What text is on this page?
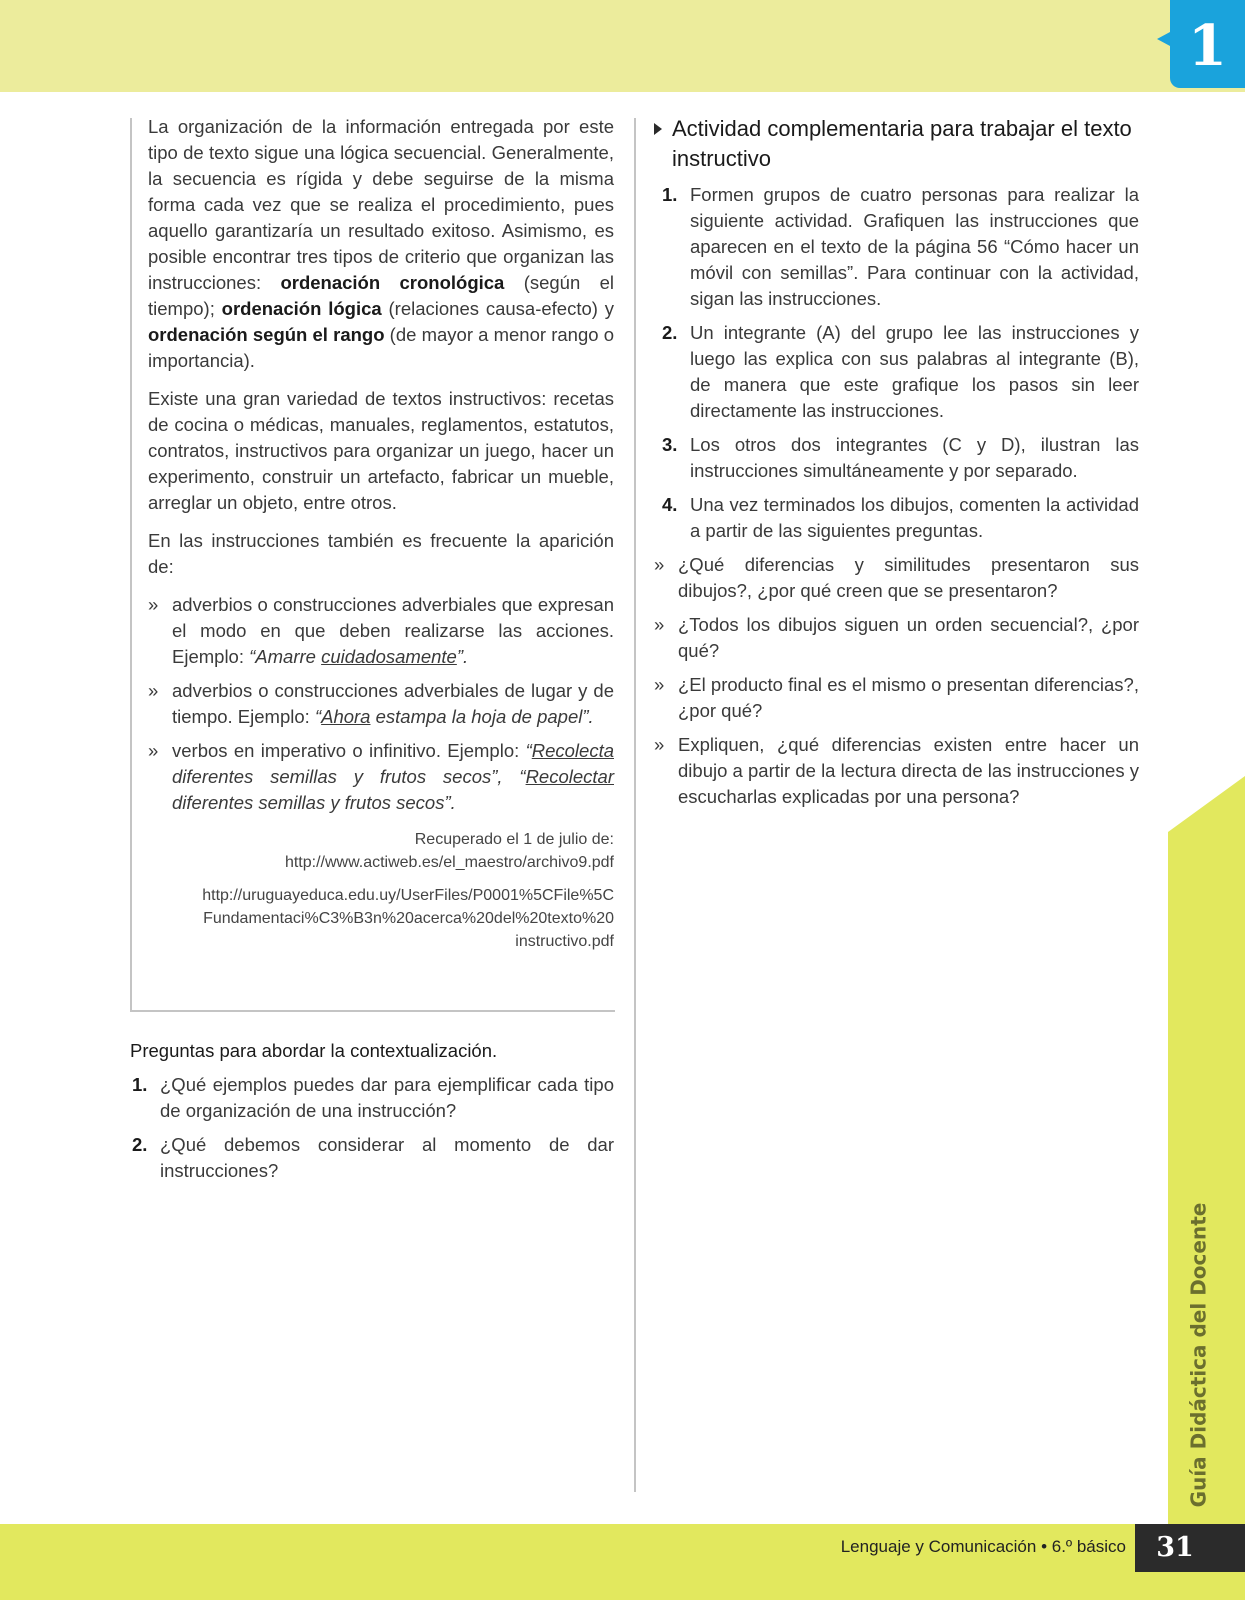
1
Guía Didáctica del Docente

La organización de la información entregada por este tipo de texto sigue una lógica secuencial. Generalmente, la secuencia es rígida y debe seguirse de la misma forma cada vez que se realiza el procedimiento, pues aquello garantizaría un resultado exitoso. Asimismo, es posible encontrar tres tipos de criterio que organizan las instrucciones: ordenación cronológica (según el tiempo); ordenación lógica (relaciones causa-efecto) y ordenación según el rango (de mayor a menor rango o importancia).

Existe una gran variedad de textos instructivos: recetas de cocina o médicas, manuales, reglamentos, estatutos, contratos, instructivos para organizar un juego, hacer un experimento, construir un artefacto, fabricar un mueble, arreglar un objeto, entre otros.

En las instrucciones también es frecuente la aparición de:

» adverbios o construcciones adverbiales que expresan el modo en que deben realizarse las acciones. Ejemplo: “Amarre cuidadosamente”.
» adverbios o construcciones adverbiales de lugar y de tiempo. Ejemplo: “Ahora estampa la hoja de papel”.
» verbos en imperativo o infinitivo. Ejemplo: “Recolecta diferentes semillas y frutos secos”, “Recolectar diferentes semillas y frutos secos”.
Recuperado el 1 de julio de:
http://www.actiweb.es/el_maestro/archivo9.pdf
http://uruguayeduca.edu.uy/UserFiles/P0001%5CFile%5C
Fundamentaci%C3%B3n%20acerca%20del%20texto%20
instructivo.pdf
Preguntas para abordar la contextualización.
1. ¿Qué ejemplos puedes dar para ejemplificar cada tipo de organización de una instrucción?
2. ¿Qué debemos considerar al momento de dar instrucciones?
Actividad complementaria para trabajar el texto instructivo
1. Formen grupos de cuatro personas para realizar la siguiente actividad. Grafiquen las instrucciones que aparecen en el texto de la página 56 “Cómo hacer un móvil con semillas”. Para continuar con la actividad, sigan las instrucciones.
2. Un integrante (A) del grupo lee las instrucciones y luego las explica con sus palabras al integrante (B), de manera que este grafique los pasos sin leer directamente las instrucciones.
3. Los otros dos integrantes (C y D), ilustran las instrucciones simultáneamente y por separado.
4. Una vez terminados los dibujos, comenten la actividad a partir de las siguientes preguntas.
» ¿Qué diferencias y similitudes presentaron sus dibujos?, ¿por qué creen que se presentaron?
» ¿Todos los dibujos siguen un orden secuencial?, ¿por qué?
» ¿El producto final es el mismo o presentan diferencias?, ¿por qué?
» Expliquen, ¿qué diferencias existen entre hacer un dibujo a partir de la lectura directa de las instrucciones y escucharlas explicadas por una persona?
Lenguaje y Comunicación • 6.º básico	31
